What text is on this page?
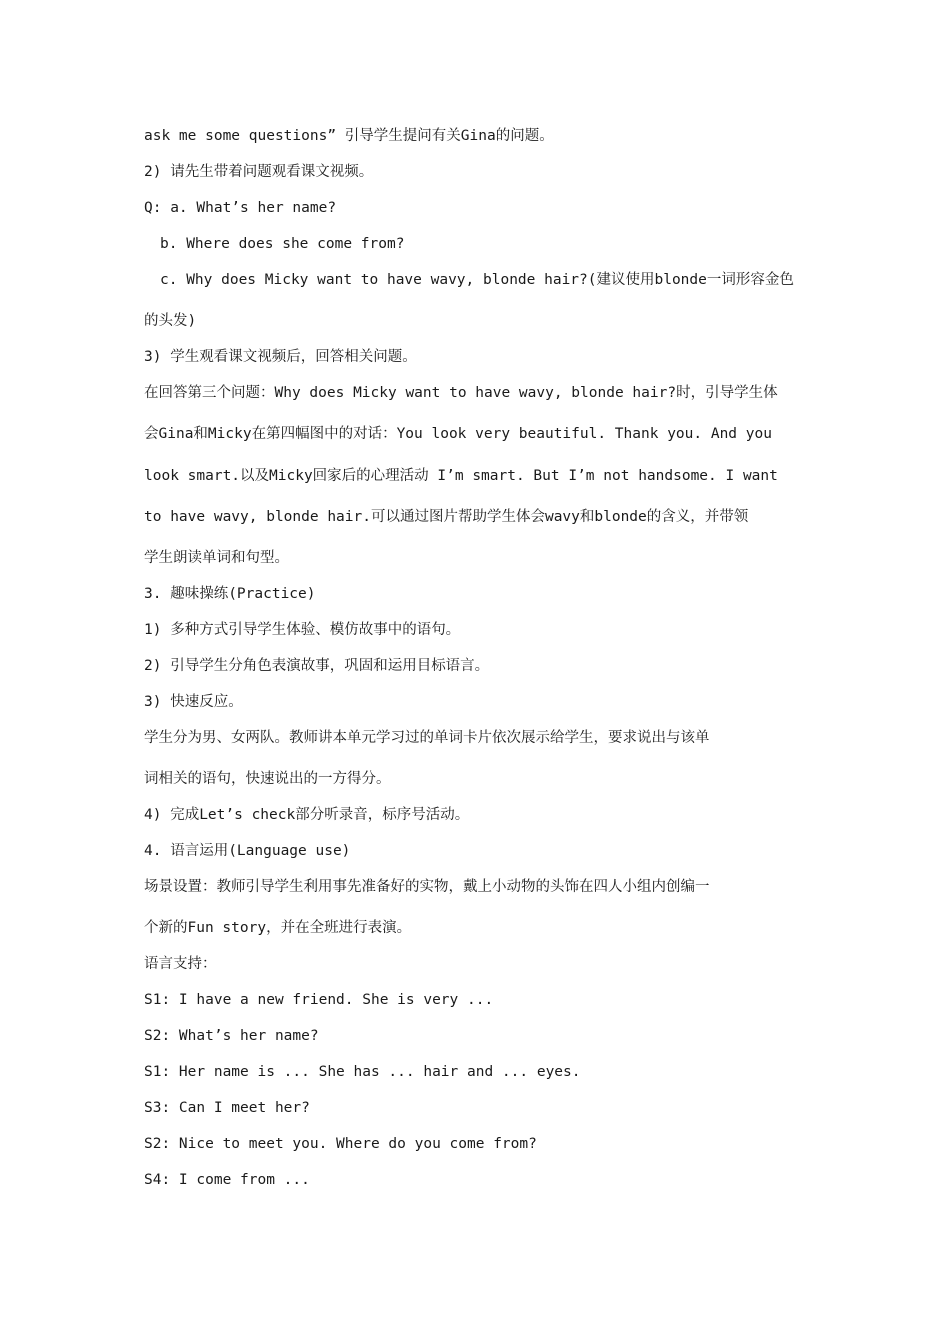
ask me some questions” 引导学生提问有关Gina的问题。
2) 请先生带着问题观看课文视频。
Q: a. What’s her name?
b. Where does she come from?
c. Why does Micky want to have wavy, blonde hair?(建议使用blonde一词形容金色
的头发)
3) 学生观看课文视频后，回答相关问题。
在回答第三个问题：Why does Micky want to have wavy, blonde hair?时，引导学生体
会Gina和Micky在第四幅图中的对话：You look very beautiful. Thank you. And you
look smart.以及Micky回家后的心理活动 I’m smart. But I’m not handsome. I want
to have wavy, blonde hair.可以通过图片帮助学生体会wavy和blonde的含义，并带领
学生朗读单词和句型。
3. 趣味操练(Practice)
1) 多种方式引导学生体验、模仿故事中的语句。
2) 引导学生分角色表演故事，巩固和运用目标语言。
3) 快速反应。
学生分为男、女两队。教师讲本单元学习过的单词卡片依次展示给学生，要求说出与该单
词相关的语句，快速说出的一方得分。
4) 完成Let’s check部分听录音，标序号活动。
4. 语言运用(Language use)
场景设置：教师引导学生利用事先准备好的实物，戴上小动物的头饰在四人小组内创编一
个新的Fun story，并在全班进行表演。
语言支持：
S1: I have a new friend. She is very ...
S2: What’s her name?
S1: Her name is ... She has ... hair and ... eyes.
S3: Can I meet her?
S2: Nice to meet you. Where do you come from?
S4: I come from ...
